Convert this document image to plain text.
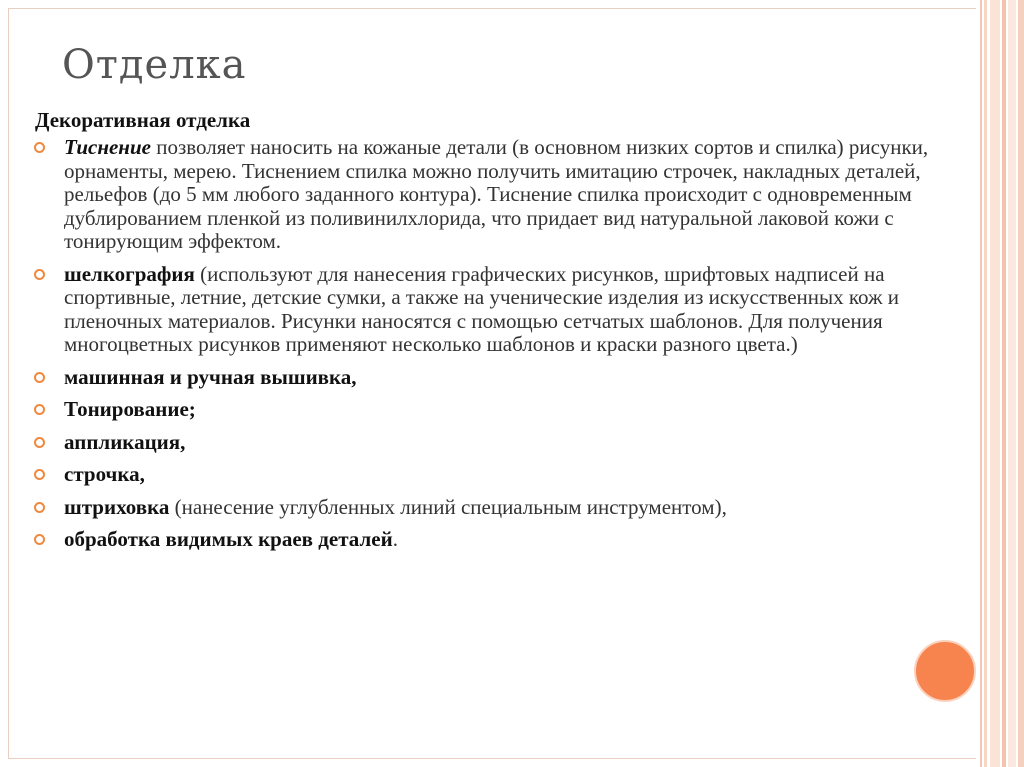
Отделка
Декоративная отделка
Тиснение позволяет наносить на кожаные детали (в основном низких сортов и спилка) рисунки, орнаменты, мерею. Тиснением спилка можно получить имитацию строчек, накладных деталей, рельефов (до 5 мм любого заданного контура). Тиснение спилка происходит с одновременным дублированием пленкой из поливинилхлорида, что придает вид натуральной лаковой кожи с тонирующим эффектом.
шелкография (используют для нанесения графических рисунков, шрифтовых надписей на спортивные, летние, детские сумки, а также на ученические изделия из искусственных кож и пленочных материалов. Рисунки наносятся с помощью сетчатых шаблонов. Для получения многоцветных рисунков применяют несколько шаблонов и краски разного цвета.)
машинная и ручная вышивка,
Тонирование;
аппликация,
строчка,
штриховка (нанесение углубленных линий специальным инструментом),
обработка видимых краев деталей.
